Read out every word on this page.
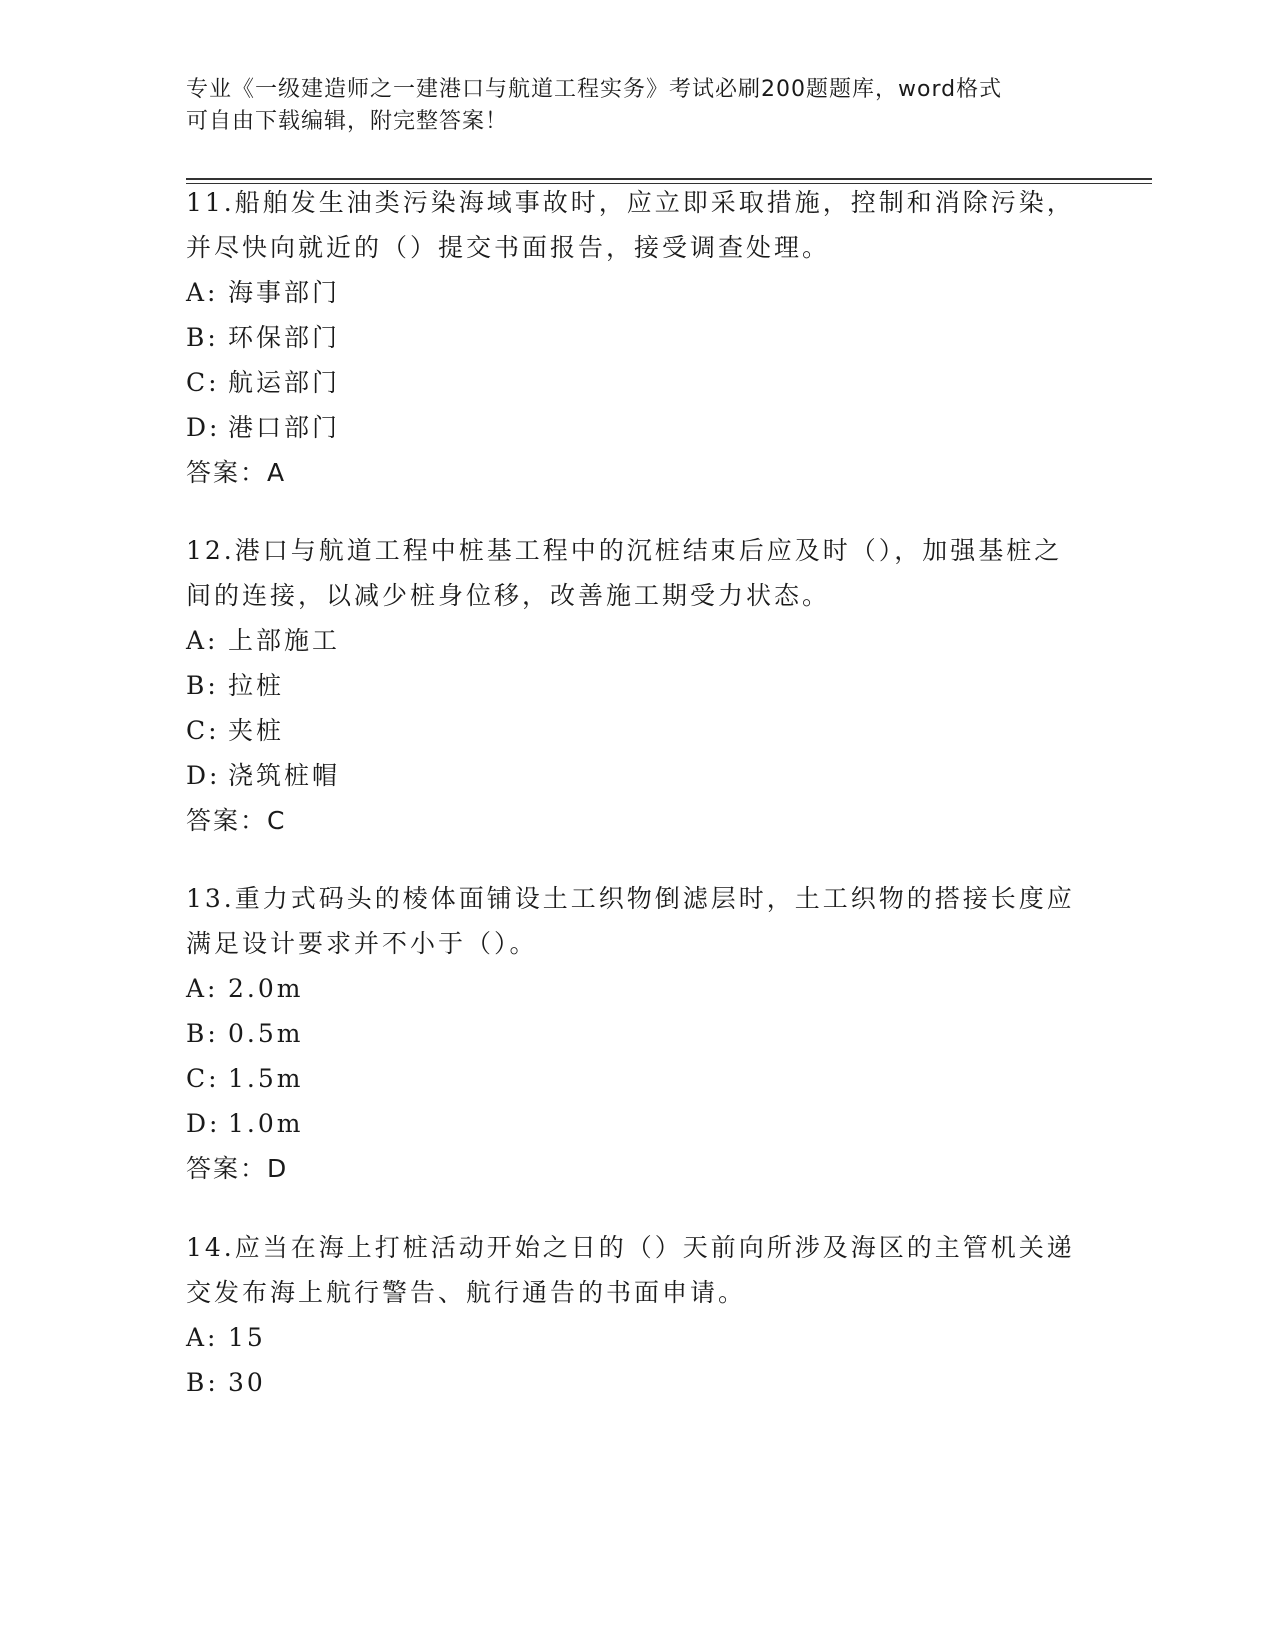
专业《一级建造师之一建港口与航道工程实务》考试必刷200题题库，word格式
可自由下载编辑，附完整答案！

11.船舶发生油类污染海域事故时，应立即采取措施，控制和消除污染，并尽快向就近的（）提交书面报告，接受调查处理。

A: 海事部门
B: 环保部门
C: 航运部门
D: 港口部门
答案：A

12.港口与航道工程中桩基工程中的沉桩结束后应及时（），加强基桩之间的连接，以减少桩身位移，改善施工期受力状态。

A: 上部施工
B: 拉桩
C: 夹桩
D: 浇筑桩帽
答案：C

13.重力式码头的棱体面铺设土工织物倒滤层时，土工织物的搭接长度应满足设计要求并不小于（）。

A: 2.0m
B: 0.5m
C: 1.5m
D: 1.0m
答案：D

14.应当在海上打桩活动开始之日的（）天前向所涉及海区的主管机关递交发布海上航行警告、航行通告的书面申请。

A: 15
B: 30
